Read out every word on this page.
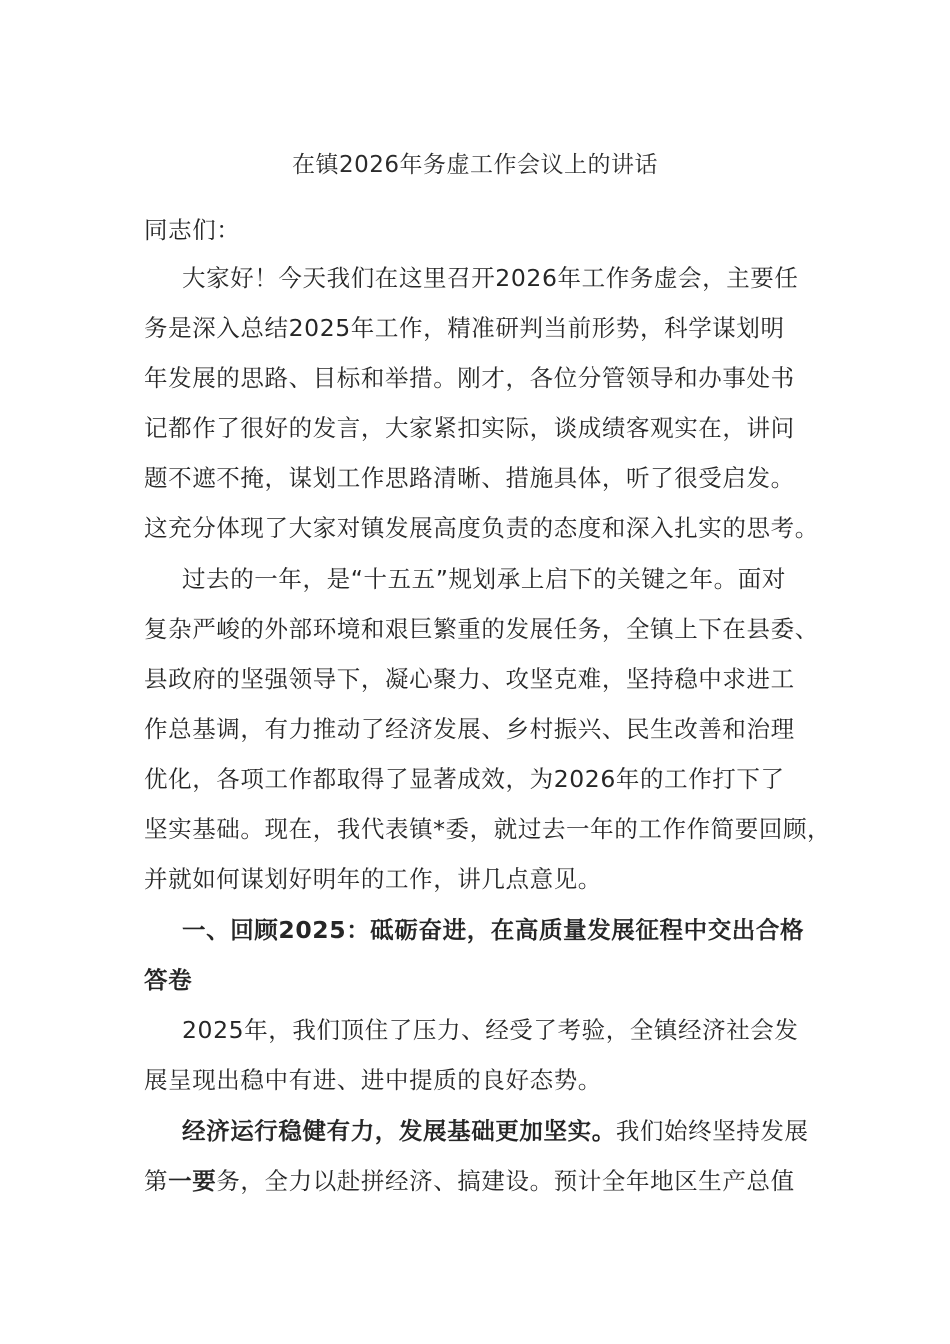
在镇2026年务虚工作会议上的讲话
同志们：
大家好！今天我们在这里召开2026年工作务虚会，主要任
务是深入总结2025年工作，精准研判当前形势，科学谋划明
年发展的思路、目标和举措。刚才，各位分管领导和办事处书
记都作了很好的发言，大家紧扣实际，谈成绩客观实在，讲问
题不遮不掩，谋划工作思路清晰、措施具体，听了很受启发。
这充分体现了大家对镇发展高度负责的态度和深入扎实的思考。
过去的一年，是“十五五”规划承上启下的关键之年。面对
复杂严峻的外部环境和艰巨繁重的发展任务，全镇上下在县委、
县政府的坚强领导下，凝心聚力、攻坚克难，坚持稳中求进工
作总基调，有力推动了经济发展、乡村振兴、民生改善和治理
优化，各项工作都取得了显著成效，为2026年的工作打下了
坚实基础。现在，我代表镇*委，就过去一年的工作作简要回顾，
并就如何谋划好明年的工作，讲几点意见。
一、回顾2025：砥砺奋进，在高质量发展征程中交出合格
答卷
2025年，我们顶住了压力、经受了考验，全镇经济社会发
展呈现出稳中有进、进中提质的良好态势。
经济运行稳健有力，发展基础更加坚实。我们始终坚持发展
第一要务，全力以赴拼经济、搞建设。预计全年地区生产总值
